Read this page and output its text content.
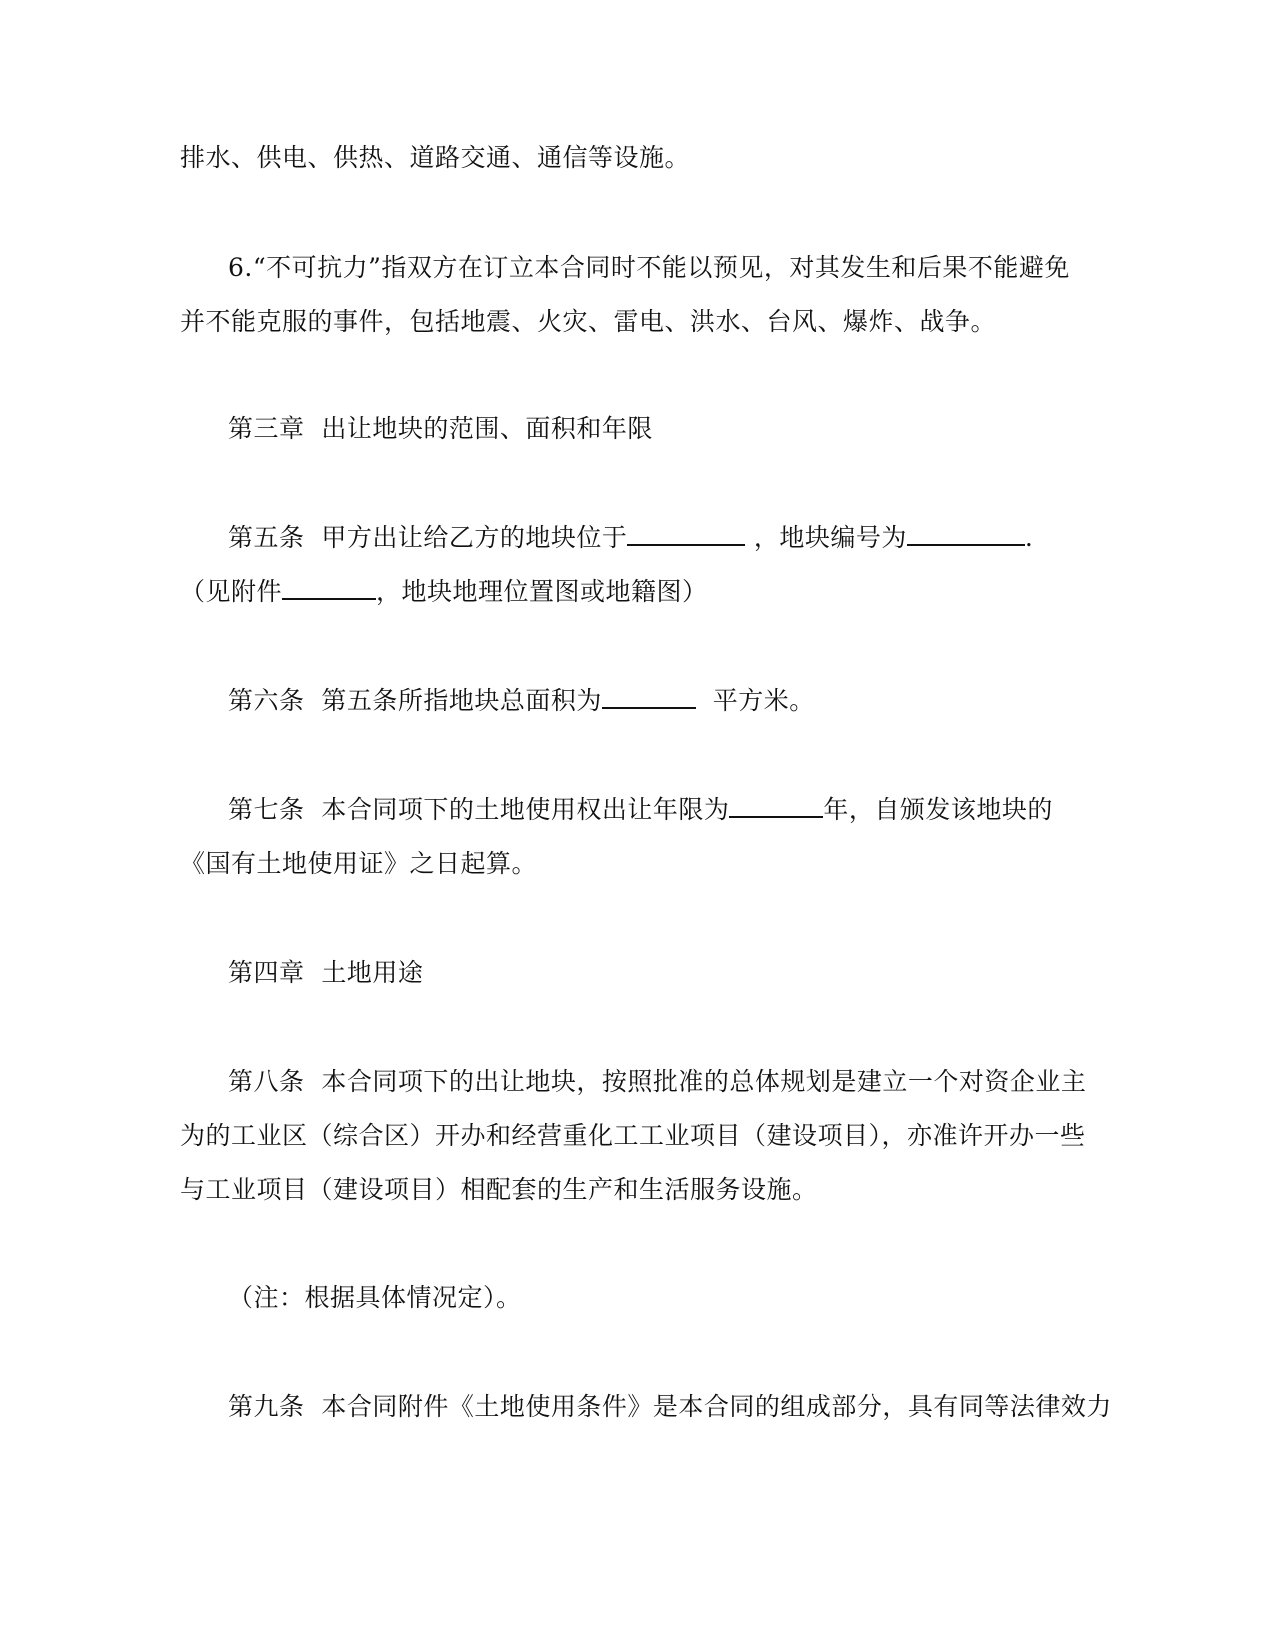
排水、供电、供热、道路交通、通信等设施。
6.“不可抗力”指双方在订立本合同时不能以预见，对其发生和后果不能避免
并不能克服的事件，包括地震、火灾、雷电、洪水、台风、爆炸、战争。
第三章  出让地块的范围、面积和年限
第五条  甲方出让给乙方的地块位于	，地块编号为	.
（见附件	，地块地理位置图或地籍图）
第六条  第五条所指地块总面积为	平方米。
第七条  本合同项下的土地使用权出让年限为	年，自颁发该地块的
《国有土地使用证》之日起算。
第四章  土地用途
第八条  本合同项下的出让地块，按照批准的总体规划是建立一个对资企业主
为的工业区（综合区）开办和经营重化工工业项目（建设项目），亦准许开办一些
与工业项目（建设项目）相配套的生产和生活服务设施。
（注：根据具体情况定）。
第九条  本合同附件《土地使用条件》是本合同的组成部分，具有同等法律效力
